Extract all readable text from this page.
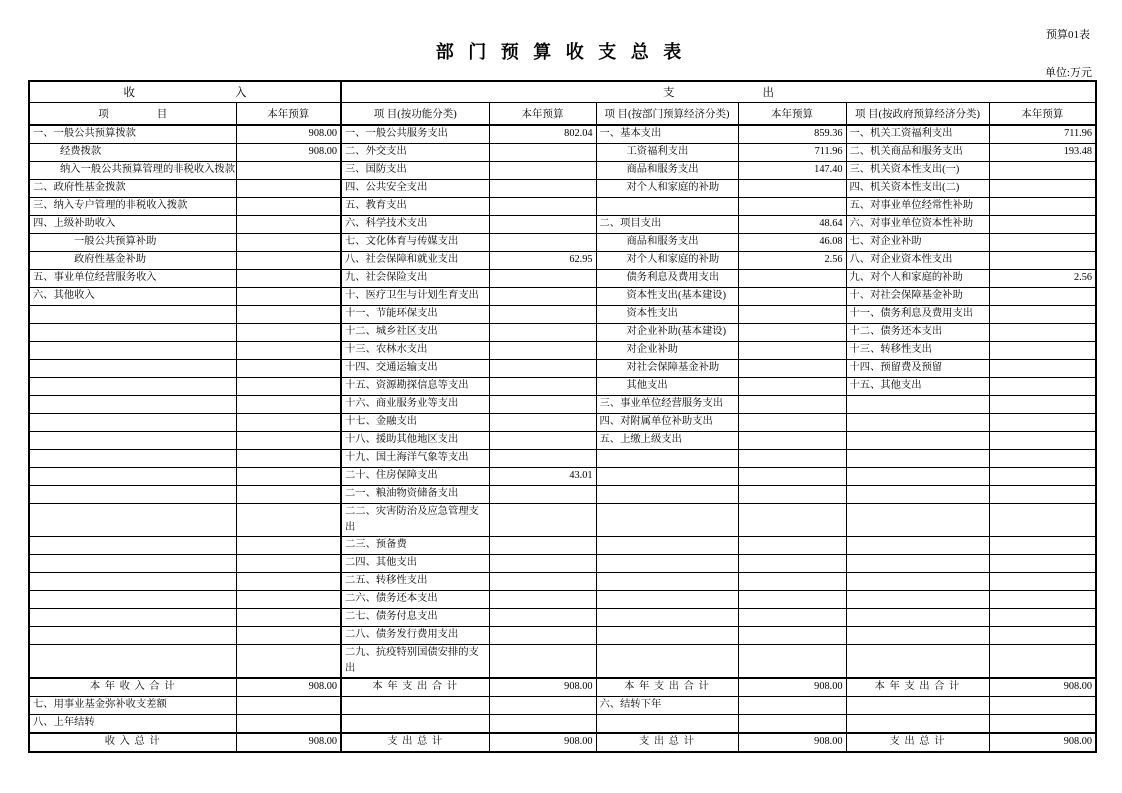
预算01表
部 门 预 算 收 支 总 表
单位:万元
收 入		支 出					

项 目	本年预算	项 目(按功能分类)	本年预算	项 目(按部门预算经济分类)	本年预算	项 目(按政府预算经济分类)	本年预算
一、一般公共预算拨款	908.00	一、一般公共服务支出	802.04	一、基本支出	859.36	一、机关工资福利支出	711.96
经费拨款	908.00	二、外交支出		工资福利支出	711.96	二、机关商品和服务支出	193.48
纳入一般公共预算管理的非税收入拨款		三、国防支出		商品和服务支出	147.40	三、机关资本性支出(一)	
二、政府性基金拨款		四、公共安全支出		对个人和家庭的补助		四、机关资本性支出(二)	
三、纳入专户管理的非税收入拨款		五、教育支出				五、对事业单位经常性补助	
四、上级补助收入		六、科学技术支出		二、项目支出	48.64	六、对事业单位资本性补助	
一般公共预算补助		七、文化体育与传媒支出		商品和服务支出	46.08	七、对企业补助	
政府性基金补助		八、社会保障和就业支出	62.95	对个人和家庭的补助	2.56	八、对企业资本性支出	
五、事业单位经营服务收入		九、社会保险支出		债务利息及费用支出		九、对个人和家庭的补助	2.56
六、其他收入		十、医疗卫生与计划生育支出		资本性支出(基本建设)		十、对社会保障基金补助	
		十一、节能环保支出		资本性支出		十一、债务利息及费用支出	
		十二、城乡社区支出		对企业补助(基本建设)		十二、债务还本支出	
		十三、农林水支出		对企业补助		十三、转移性支出	
		十四、交通运输支出		对社会保障基金补助		十四、预留费及预留	
		十五、资源勘探信息等支出		其他支出		十五、其他支出	
		十六、商业服务业等支出		三、事业单位经营服务支出			
		十七、金融支出		四、对附属单位补助支出			
		十八、援助其他地区支出		五、上缴上级支出			
		十九、国土海洋气象等支出					
		二十、住房保障支出	43.01				
		二一、粮油物资储备支出					
		二二、灾害防治及应急管理支出					
		二三、预备费					
		二四、其他支出					
		二五、转移性支出					
		二六、债务还本支出					
		二七、债务付息支出					
		二八、债务发行费用支出					
		二九、抗疫特别国债安排的支出					
本 年 收 入 合 计	908.00	本 年 支 出 合 计	908.00	本 年 支 出 合 计	908.00	本 年 支 出 合 计	908.00
七、用事业基金弥补收支差额				六、结转下年			
八、上年结转							
收 入 总 计	908.00	支 出 总 计	908.00	支 出 总 计	908.00	支 出 总 计	908.00
